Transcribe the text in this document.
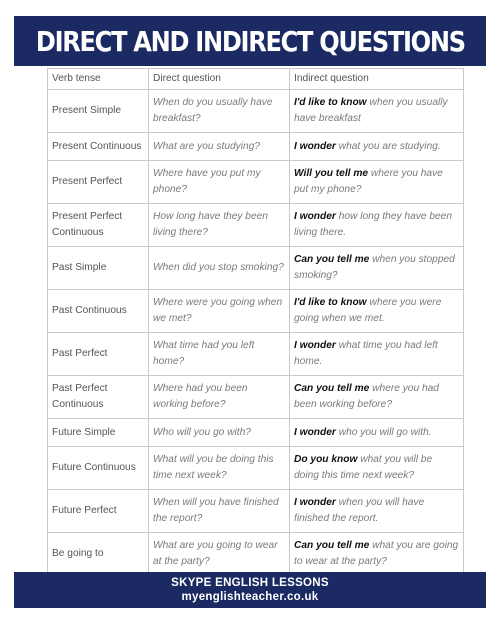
DIRECT AND INDIRECT QUESTIONS
Verb tense	Direct question	Indirect question
Present Simple	When do you usually have breakfast?	I'd like to know when you usually have breakfast
Present Continuous	What are you studying?	I wonder what you are studying.
Present Perfect	Where have you put my phone?	Will you tell me where you have put my phone?
Present Perfect Continuous	How long have they been living there?	I wonder how long they have been living there.
Past Simple	When did you stop smoking?	Can you tell me when you stopped smoking?
Past Continuous	Where were you going when we met?	I'd like to know where you were going when we met.
Past Perfect	What time had you left home?	I wonder what time you had left home.
Past Perfect Continuous	Where had you been working before?	Can you tell me where you had been working before?
Future Simple	Who will you go with?	I wonder who you will go with.
Future Continuous	What will you be doing this time next week?	Do you know what you will be doing this time next week?
Future Perfect	When will you have finished the report?	I wonder when you will have finished the report.
Be going to	What are you going to wear at the party?	Can you tell me what you are going to wear at the party?
SKYPE ENGLISH LESSONS
myenglishteacher.co.uk
